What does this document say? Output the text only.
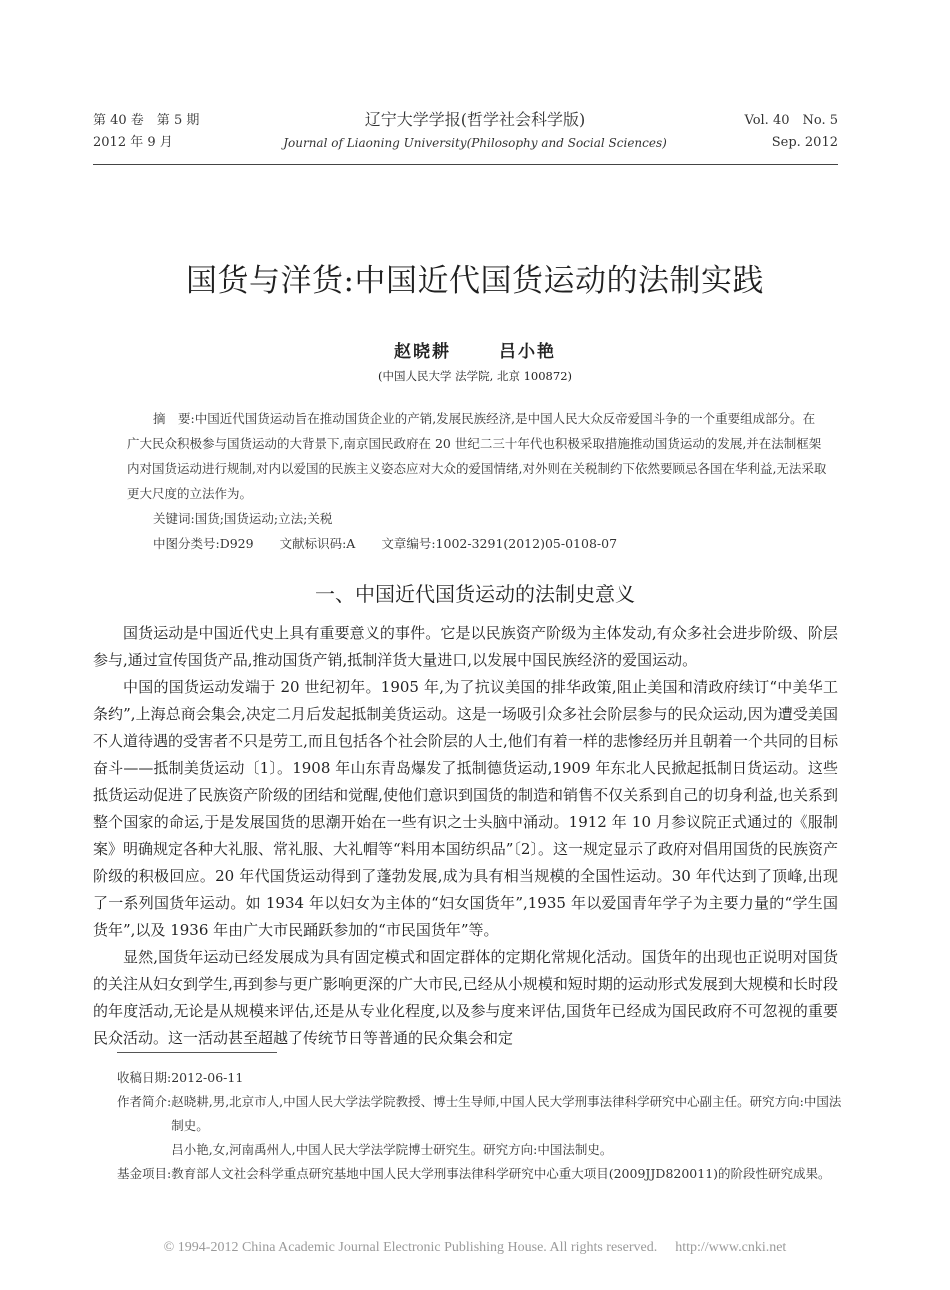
第 40 卷　第 5 期
2012 年 9 月
辽宁大学学报(哲学社会科学版)
Journal of Liaoning University(Philosophy and Social Sciences)
Vol. 40　No. 5
Sep. 2012
国货与洋货:中国近代国货运动的法制实践
赵晓耕	吕小艳
(中国人民大学 法学院, 北京 100872)

摘　要:中国近代国货运动旨在推动国货企业的产销,发展民族经济,是中国人民大众反帝爱国斗争的一个重要组成部分。在广大民众积极参与国货运动的大背景下,南京国民政府在 20 世纪二三十年代也积极采取措施推动国货运动的发展,并在法制框架内对国货运动进行规制,对内以爱国的民族主义姿态应对大众的爱国情绪,对外则在关税制约下依然要顾忌各国在华利益,无法采取更大尺度的立法作为。

关键词:国货;国货运动;立法;关税

中图分类号:D929 文献标识码:A 文章编号:1002-3291(2012)05-0108-07

一、中国近代国货运动的法制史意义

国货运动是中国近代史上具有重要意义的事件。它是以民族资产阶级为主体发动,有众多社会进步阶级、阶层参与,通过宣传国货产品,推动国货产销,抵制洋货大量进口,以发展中国民族经济的爱国运动。

中国的国货运动发端于 20 世纪初年。1905 年,为了抗议美国的排华政策,阻止美国和清政府续订“中美华工条约”,上海总商会集会,决定二月后发起抵制美货运动。这是一场吸引众多社会阶层参与的民众运动,因为遭受美国不人道待遇的受害者不只是劳工,而且包括各个社会阶层的人士,他们有着一样的悲惨经历并且朝着一个共同的目标奋斗——抵制美货运动〔1〕。1908 年山东青岛爆发了抵制德货运动,1909 年东北人民掀起抵制日货运动。这些抵货运动促进了民族资产阶级的团结和觉醒,使他们意识到国货的制造和销售不仅关系到自己的切身利益,也关系到整个国家的命运,于是发展国货的思潮开始在一些有识之士头脑中涌动。1912 年 10 月参议院正式通过的《服制案》明确规定各种大礼服、常礼服、大礼帽等“料用本国纺织品”〔2〕。这一规定显示了政府对倡用国货的民族资产阶级的积极回应。20 年代国货运动得到了蓬勃发展,成为具有相当规模的全国性运动。30 年代达到了顶峰,出现了一系列国货年运动。如 1934 年以妇女为主体的“妇女国货年”,1935 年以爱国青年学子为主要力量的“学生国货年”,以及 1936 年由广大市民踊跃参加的“市民国货年”等。

显然,国货年运动已经发展成为具有固定模式和固定群体的定期化常规化活动。国货年的出现也正说明对国货的关注从妇女到学生,再到参与更广影响更深的广大市民,已经从小规模和短时期的运动形式发展到大规模和长时段的年度活动,无论是从规模来评估,还是从专业化程度,以及参与度来评估,国货年已经成为国民政府不可忽视的重要民众活动。这一活动甚至超越了传统节日等普通的民众集会和定

收稿日期: 2012-06-11
作者简介: 赵晓耕,男,北京市人,中国人民大学法学院教授、博士生导师,中国人民大学刑事法律科学研究中心副主任。研究方向:中国法制史。
吕小艳,女,河南禹州人,中国人民大学法学院博士研究生。研究方向:中国法制史。
基金项目: 教育部人文社会科学重点研究基地中国人民大学刑事法律科学研究中心重大项目(2009JJD820011)的阶段性研究成果。
© 1994-2012 China Academic Journal Electronic Publishing House. All rights reserved. http://www.cnki.net
